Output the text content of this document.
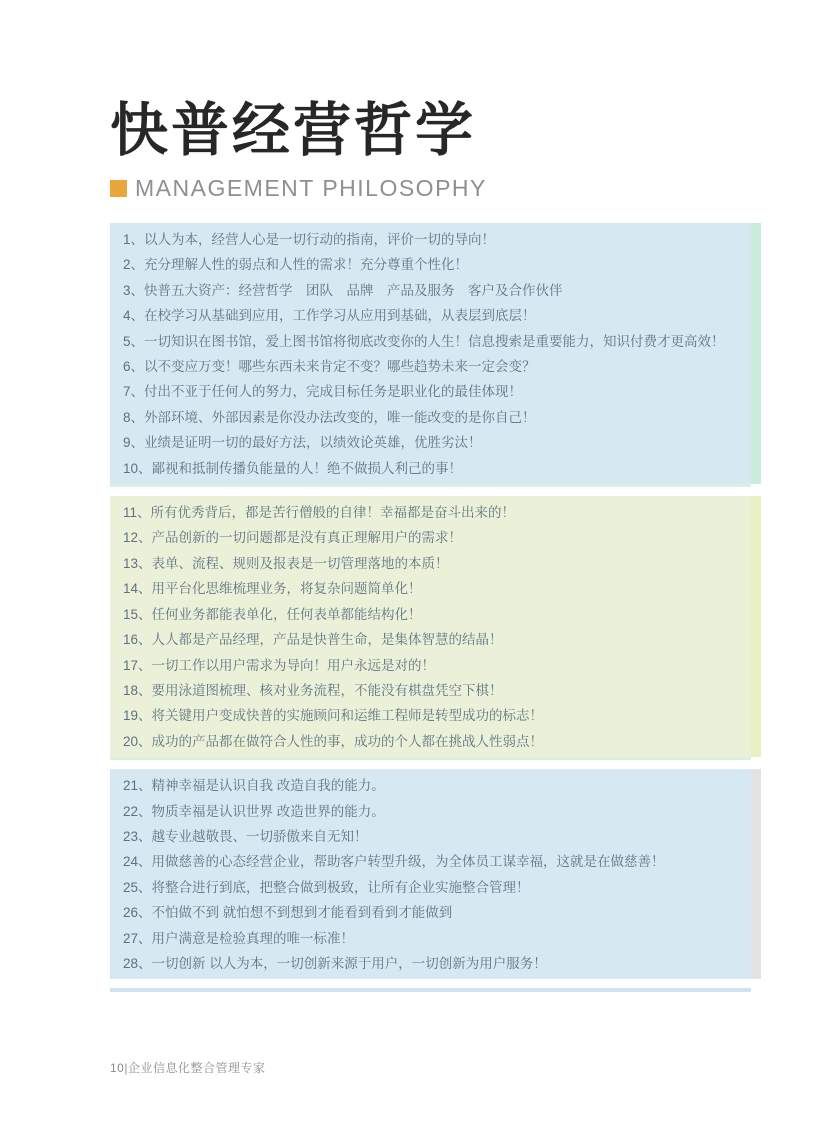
快普经营哲学
MANAGEMENT PHILOSOPHY
1、以人为本，经营人心是一切行动的指南，评价一切的导向！
2、充分理解人性的弱点和人性的需求！充分尊重个性化！
3、快普五大资产：经营哲学　团队　品牌　产品及服务　客户及合作伙伴
4、在校学习从基础到应用，工作学习从应用到基础，从表层到底层！
5、一切知识在图书馆，爱上图书馆将彻底改变你的人生！信息搜索是重要能力，知识付费才更高效！
6、以不变应万变！哪些东西未来肯定不变？哪些趋势未来一定会变？
7、付出不亚于任何人的努力，完成目标任务是职业化的最佳体现！
8、外部环境、外部因素是你没办法改变的，唯一能改变的是你自己！
9、业绩是证明一切的最好方法，以绩效论英雄，优胜劣汰！
10、鄙视和抵制传播负能量的人！绝不做损人利己的事！
11、所有优秀背后，都是苦行僧般的自律！幸福都是奋斗出来的！
12、产品创新的一切问题都是没有真正理解用户的需求！
13、表单、流程、规则及报表是一切管理落地的本质！
14、用平台化思维梳理业务，将复杂问题简单化！
15、任何业务都能表单化，任何表单都能结构化！
16、人人都是产品经理，产品是快普生命，是集体智慧的结晶！
17、一切工作以用户需求为导向！用户永远是对的！
18、要用泳道图梳理、核对业务流程，不能没有棋盘凭空下棋！
19、将关键用户变成快普的实施顾问和运维工程师是转型成功的标志！
20、成功的产品都在做符合人性的事，成功的个人都在挑战人性弱点！
21、精神幸福是认识自我 改造自我的能力。
22、物质幸福是认识世界 改造世界的能力。
23、越专业越敬畏、一切骄傲来自无知！
24、用做慈善的心态经营企业，帮助客户转型升级，为全体员工谋幸福，这就是在做慈善！
25、将整合进行到底，把整合做到极致，让所有企业实施整合管理！
26、不怕做不到 就怕想不到想到才能看到看到才能做到
27、用户满意是检验真理的唯一标准！
28、一切创新 以人为本，一切创新来源于用户，一切创新为用户服务！
10|企业信息化整合管理专家
